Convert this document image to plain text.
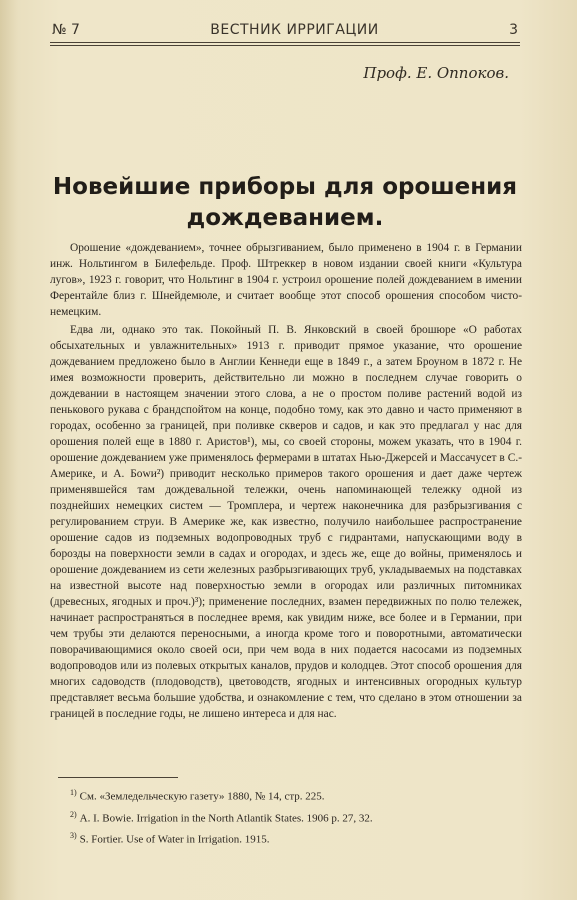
№ 7	ВЕСТНИК ИРРИГАЦИИ	3
Проф. Е. Оппоков.
Новейшие приборы для орошения
дождеванием.

Орошение «дождеванием», точнее обрызгиванием, было применено в 1904 г. в Германии инж. Нольтингом в Билефельде. Проф. Штреккер в новом издании своей книги «Культура лугов», 1923 г. говорит, что Нольтинг в 1904 г. устроил орошение полей дождеванием в имении Ферентайле близ г. Шнейдемюле, и считает вообще этот способ орошения способом чисто-немецким.

Едва ли, однако это так. Покойный П. В. Янковский в своей брошюре «О работах обсыхательных и увлажнительных» 1913 г. приводит прямое указание, что орошение дождеванием предложено было в Англии Кеннеди еще в 1849 г., а затем Броуном в 1872 г. Не имея возможности проверить, действительно ли можно в последнем случае говорить о дождевании в настоящем значении этого слова, а не о простом поливе растений водой из пенькового рукава с брандспойтом на конце, подобно тому, как это давно и часто применяют в городах, особенно за границей, при поливке скверов и садов, и как это предлагал у нас для орошения полей еще в 1880 г. Аристов¹), мы, со своей стороны, можем указать, что в 1904 г. орошение дождеванием уже применялось фермерами в штатах Нью-Джерсей и Массачусет в С.-Америке, и А. Боwи²) приводит несколько примеров такого орошения и дает даже чертеж применявшейся там дождевальной тележки, очень напоминающей тележку одной из позднейших немецких систем — Тромплера, и чертеж наконечника для разбрызгивания с регулированием струи. В Америке же, как известно, получило наибольшее распространение орошение садов из подземных водопроводных труб с гидрантами, напускающими воду в борозды на поверхности земли в садах и огородах, и здесь же, еще до войны, применялось и орошение дождеванием из сети железных разбрызгивающих труб, укладываемых на подставках на известной высоте над поверхностью земли в огородах или различных питомниках (древесных, ягодных и проч.)³); применение последних, взамен передвижных по полю тележек, начинает распространяться в последнее время, как увидим ниже, все более и в Германии, при чем трубы эти делаются переносными, а иногда кроме того и поворотными, автоматически поворачивающимися около своей оси, при чем вода в них подается насосами из подземных водопроводов или из полевых открытых каналов, прудов и колодцев. Этот способ орошения для многих садоводств (плодоводств), цветоводств, ягодных и интенсивных огородных культур представляет весьма большие удобства, и ознакомление с тем, что сделано в этом отношении за границей в последние годы, не лишено интереса и для нас.

$^{1)}$ См. «Земледельческую газету» 1880, № 14, стр. 225.
$^{2)}$ A. I. Bowie. Irrigation in the North Atlantik States. 1906 p. 27, 32.
$^{3)}$ S. Fortier. Use of Water in Irrigation. 1915.
